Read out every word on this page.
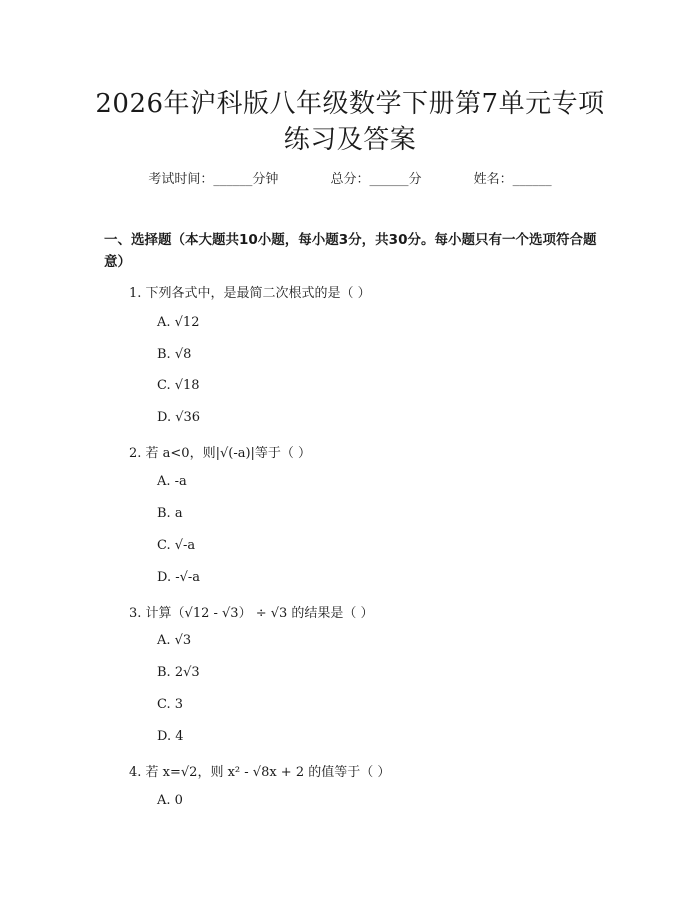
2026年沪科版八年级数学下册第7单元专项
练习及答案
考试时间：______分钟	总分：______分	姓名：______
一、选择题（本大题共10小题，每小题3分，共30分。每小题只有一个选项符合题意）
1. 下列各式中，是最简二次根式的是（ ）
A. √12
B. √8
C. √18
D. √36
2. 若 a<0，则|√(-a)|等于（ ）
A. -a
B. a
C. √-a
D. -√-a
3. 计算（√12 - √3） ÷ √3 的结果是（ ）
A. √3
B. 2√3
C. 3
D. 4
4. 若 x=√2，则 x² - √8x + 2 的值等于（ ）
A. 0
